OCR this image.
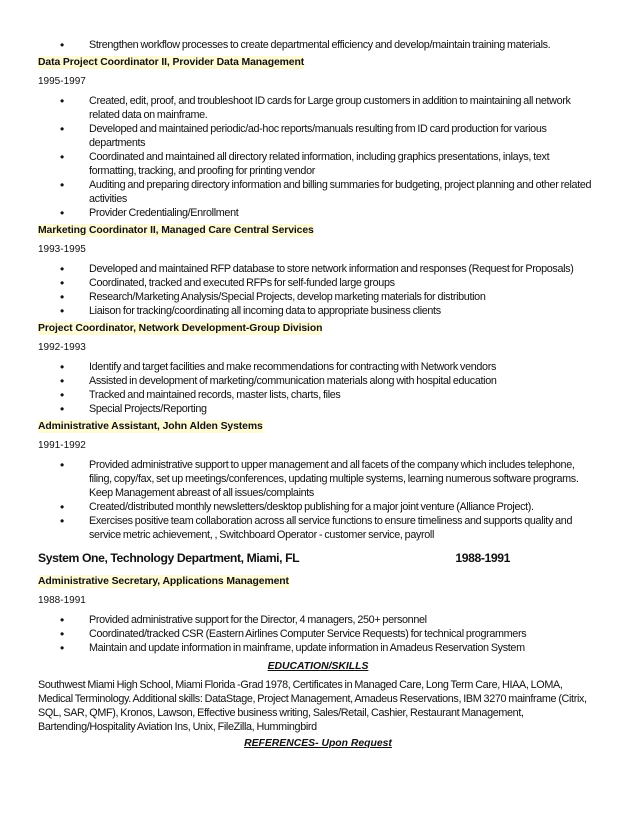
• Strengthen workflow processes to create departmental efficiency and develop/maintain training materials.
Data Project Coordinator II, Provider Data Management
1995-1997
• Created, edit, proof, and troubleshoot ID cards for Large group customers in addition to maintaining all network related data on mainframe.
• Developed and maintained periodic/ad-hoc reports/manuals resulting from ID card production for various departments
• Coordinated and maintained all directory related information, including graphics presentations, inlays, text formatting, tracking, and proofing for printing vendor
• Auditing and preparing directory information and billing summaries for budgeting, project planning and other related activities
• Provider Credentialing/Enrollment
Marketing Coordinator II, Managed Care Central Services
1993-1995
• Developed and maintained RFP database to store network information and responses (Request for Proposals)
• Coordinated, tracked and executed RFPs for self-funded large groups
• Research/Marketing Analysis/Special Projects, develop marketing materials for distribution
• Liaison for tracking/coordinating all incoming data to appropriate business clients
Project Coordinator, Network Development-Group Division
1992-1993
• Identify and target facilities and make recommendations for contracting with Network vendors
• Assisted in development of marketing/communication materials along with hospital education
• Tracked and maintained records, master lists, charts, files
• Special Projects/Reporting
Administrative Assistant, John Alden Systems
1991-1992
• Provided administrative support to upper management and all facets of the company which includes telephone, filing, copy/fax, set up meetings/conferences, updating multiple systems, learning numerous software programs. Keep Management abreast of all issues/complaints
• Created/distributed monthly newsletters/desktop publishing for a major joint venture (Alliance Project).
• Exercises positive team collaboration across all service functions to ensure timeliness and supports quality and service metric achievement, , Switchboard Operator - customer service, payroll
System One, Technology Department, Miami, FL	1988-1991
Administrative Secretary, Applications Management
1988-1991
• Provided administrative support for the Director, 4 managers, 250+ personnel
• Coordinated/tracked CSR (Eastern Airlines Computer Service Requests) for technical programmers
• Maintain and update information in mainframe, update information in Amadeus Reservation System
EDUCATION/SKILLS

Southwest Miami High School, Miami Florida -Grad 1978, Certificates in Managed Care, Long Term Care, HIAA, LOMA, Medical Terminology. Additional skills: DataStage, Project Management, Amadeus Reservations, IBM 3270 mainframe (Citrix, SQL, SAR, QMF), Kronos, Lawson, Effective business writing, Sales/Retail, Cashier, Restaurant Management, Bartending/Hospitality Aviation Ins, Unix, FileZilla, Hummingbird

REFERENCES- Upon Request
